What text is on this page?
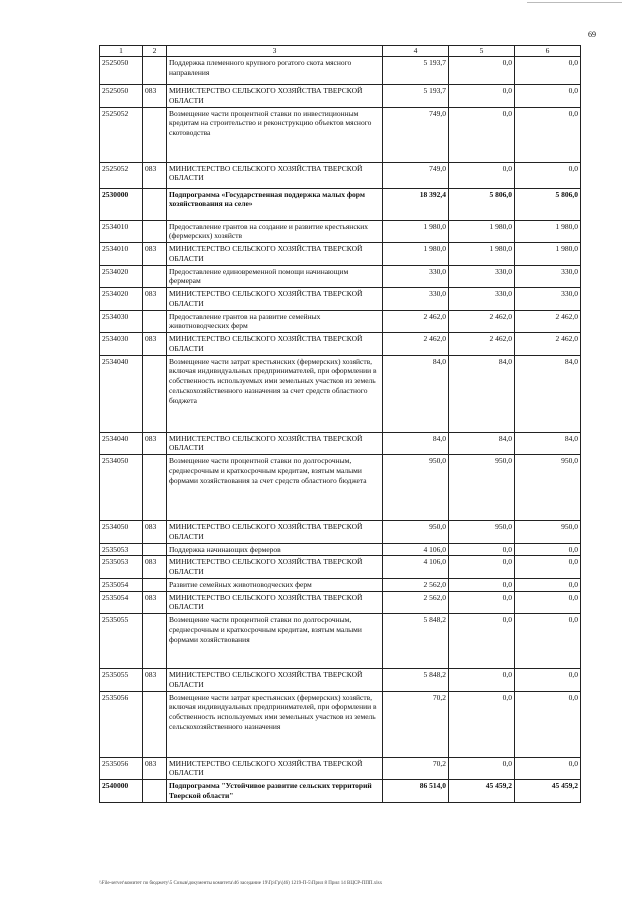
69
1	2	3	4	5	6
2525050		Поддержка племенного крупного рогатого скота мясного направления	5 193,7	0,0	0,0
2525050	083	МИНИСТЕРСТВО СЕЛЬСКОГО ХОЗЯЙСТВА ТВЕРСКОЙ ОБЛАСТИ	5 193,7	0,0	0,0
2525052		Возмещение части процентной ставки по инвестиционным кредитам на строительство и реконструкцию объектов мясного скотоводства	749,0	0,0	0,0
2525052	083	МИНИСТЕРСТВО СЕЛЬСКОГО ХОЗЯЙСТВА ТВЕРСКОЙ ОБЛАСТИ	749,0	0,0	0,0
2530000		Подпрограмма «Государственная поддержка малых форм хозяйствования на селе»	18 392,4	5 806,0	5 806,0
2534010		Предоставление грантов на создание и развитие крестьянских (фермерских) хозяйств	1 980,0	1 980,0	1 980,0
2534010	083	МИНИСТЕРСТВО СЕЛЬСКОГО ХОЗЯЙСТВА ТВЕРСКОЙ ОБЛАСТИ	1 980,0	1 980,0	1 980,0
2534020		Предоставление единовременной помощи начинающим фермерам	330,0	330,0	330,0
2534020	083	МИНИСТЕРСТВО СЕЛЬСКОГО ХОЗЯЙСТВА ТВЕРСКОЙ ОБЛАСТИ	330,0	330,0	330,0
2534030		Предоставление грантов на развитие семейных животноводческих ферм	2 462,0	2 462,0	2 462,0
2534030	083	МИНИСТЕРСТВО СЕЛЬСКОГО ХОЗЯЙСТВА ТВЕРСКОЙ ОБЛАСТИ	2 462,0	2 462,0	2 462,0
2534040		Возмещение части затрат крестьянских (фермерских) хозяйств, включая индивидуальных предпринимателей, при оформлении в собственность используемых ими земельных участков из земель сельскохозяйственного назначения за счет средств областного бюджета	84,0	84,0	84,0
2534040	083	МИНИСТЕРСТВО СЕЛЬСКОГО ХОЗЯЙСТВА ТВЕРСКОЙ ОБЛАСТИ	84,0	84,0	84,0
2534050		Возмещение части процентной ставки по долгосрочным, среднесрочным и краткосрочным кредитам, взятым малыми формами хозяйствования за счет средств областного бюджета	950,0	950,0	950,0
2534050	083	МИНИСТЕРСТВО СЕЛЬСКОГО ХОЗЯЙСТВА ТВЕРСКОЙ ОБЛАСТИ	950,0	950,0	950,0
2535053		Поддержка начинающих фермеров	4 106,0	0,0	0,0
2535053	083	МИНИСТЕРСТВО СЕЛЬСКОГО ХОЗЯЙСТВА ТВЕРСКОЙ ОБЛАСТИ	4 106,0	0,0	0,0
2535054		Развитие семейных животноводческих ферм	2 562,0	0,0	0,0
2535054	083	МИНИСТЕРСТВО СЕЛЬСКОГО ХОЗЯЙСТВА ТВЕРСКОЙ ОБЛАСТИ	2 562,0	0,0	0,0
2535055		Возмещение части процентной ставки по долгосрочным, среднесрочным и краткосрочным кредитам, взятым малыми формами хозяйствования	5 848,2	0,0	0,0
2535055	083	МИНИСТЕРСТВО СЕЛЬСКОГО ХОЗЯЙСТВА ТВЕРСКОЙ ОБЛАСТИ	5 848,2	0,0	0,0
2535056		Возмещение части затрат крестьянских (фермерских) хозяйств, включая индивидуальных предпринимателей, при оформлении в собственность используемых ими земельных участков из земель сельскохозяйственного назначения	70,2	0,0	0,0
2535056	083	МИНИСТЕРСТВО СЕЛЬСКОГО ХОЗЯЙСТВА ТВЕРСКОЙ ОБЛАСТИ	70,2	0,0	0,0
2540000		Подпрограмма "Устойчивое развитие сельских территорий Тверской области"	86 514,0	45 459,2	45 459,2
\\File-server\комитет по бюджету\5 Созыв\документы комитета\46 заседание 19\Гр\Гр\(46) 1219-П-5\Прил 8 Прил 14 ВЦСР-ППП.xlsx
